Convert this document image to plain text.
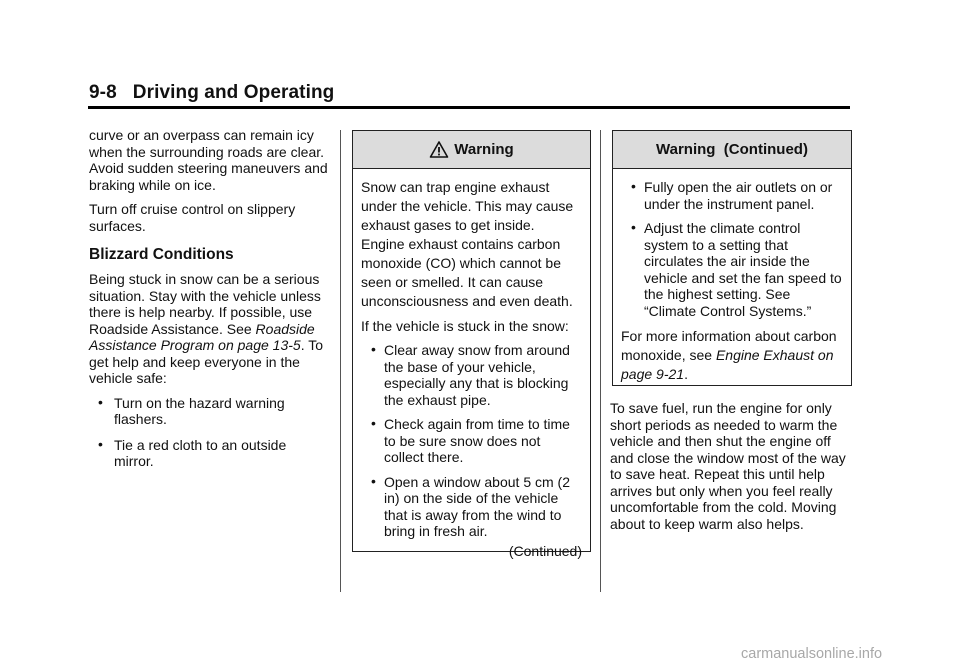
9-8 Driving and Operating

curve or an overpass can remain icy when the surrounding roads are clear. Avoid sudden steering maneuvers and braking while on ice.

Turn off cruise control on slippery surfaces.

Blizzard Conditions

Being stuck in snow can be a serious situation. Stay with the vehicle unless there is help nearby. If possible, use Roadside Assistance. See Roadside Assistance Program on page 13-5. To get help and keep everyone in the vehicle safe:

• Turn on the hazard warning flashers.
• Tie a red cloth to an outside mirror.
Warning

Snow can trap engine exhaust under the vehicle. This may cause exhaust gases to get inside. Engine exhaust contains carbon monoxide (CO) which cannot be seen or smelled. It can cause unconsciousness and even death.

If the vehicle is stuck in the snow:

• Clear away snow from around the base of your vehicle, especially any that is blocking the exhaust pipe.
• Check again from time to time to be sure snow does not collect there.
• Open a window about 5 cm (2 in) on the side of the vehicle that is away from the wind to bring in fresh air.
(Continued)
Warning  (Continued)
• Fully open the air outlets on or under the instrument panel.
• Adjust the climate control system to a setting that circulates the air inside the vehicle and set the fan speed to the highest setting. See “Climate Control Systems.”

For more information about carbon monoxide, see Engine Exhaust on page 9-21.

To save fuel, run the engine for only short periods as needed to warm the vehicle and then shut the engine off and close the window most of the way to save heat. Repeat this until help arrives but only when you feel really uncomfortable from the cold. Moving about to keep warm also helps.

carmanualsonline.info
